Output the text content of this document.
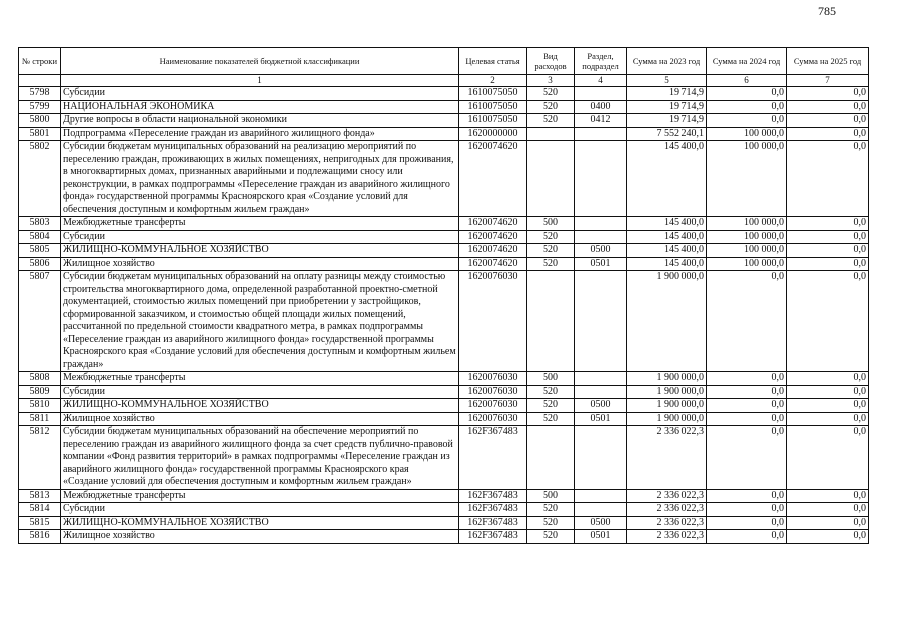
785
№ строки	Наименование показателей бюджетной классификации	Целевая статья	Вид расходов	Раздел, подраздел	Сумма на 2023 год	Сумма на 2024 год	Сумма на 2025 год
	1	2	3	4	5	6	7
5798	Субсидии	1610075050	520		19 714,9	0,0	0,0
5799	НАЦИОНАЛЬНАЯ ЭКОНОМИКА	1610075050	520	0400	19 714,9	0,0	0,0
5800	Другие вопросы в области национальной экономики	1610075050	520	0412	19 714,9	0,0	0,0
5801	Подпрограмма «Переселение граждан из аварийного жилищного фонда»	1620000000			7 552 240,1	100 000,0	0,0
5802	Субсидии бюджетам муниципальных образований на реализацию мероприятий по переселению граждан, проживающих в жилых помещениях, непригодных для проживания, в многоквартирных домах, признанных аварийными и подлежащими сносу или реконструкции, в рамках подпрограммы «Переселение граждан из аварийного жилищного фонда» государственной программы Красноярского края «Создание условий для обеспечения доступным и комфортным жильем граждан»	1620074620			145 400,0	100 000,0	0,0
5803	Межбюджетные трансферты	1620074620	500		145 400,0	100 000,0	0,0
5804	Субсидии	1620074620	520		145 400,0	100 000,0	0,0
5805	ЖИЛИЩНО-КОММУНАЛЬНОЕ ХОЗЯЙСТВО	1620074620	520	0500	145 400,0	100 000,0	0,0
5806	Жилищное хозяйство	1620074620	520	0501	145 400,0	100 000,0	0,0
5807	Субсидии бюджетам муниципальных образований на оплату разницы между стоимостью строительства многоквартирного дома, определенной разработанной проектно-сметной документацией, стоимостью жилых помещений при приобретении у застройщиков, сформированной заказчиком, и стоимостью общей площади жилых помещений, рассчитанной по предельной стоимости квадратного метра, в рамках подпрограммы «Переселение граждан из аварийного жилищного фонда» государственной программы Красноярского края «Создание условий для обеспечения доступным и комфортным жильем граждан»	1620076030			1 900 000,0	0,0	0,0
5808	Межбюджетные трансферты	1620076030	500		1 900 000,0	0,0	0,0
5809	Субсидии	1620076030	520		1 900 000,0	0,0	0,0
5810	ЖИЛИЩНО-КОММУНАЛЬНОЕ ХОЗЯЙСТВО	1620076030	520	0500	1 900 000,0	0,0	0,0
5811	Жилищное хозяйство	1620076030	520	0501	1 900 000,0	0,0	0,0
5812	Субсидии бюджетам муниципальных образований на обеспечение мероприятий по переселению граждан из аварийного жилищного фонда за счет средств публично-правовой компании «Фонд развития территорий» в рамках подпрограммы «Переселение граждан из аварийного жилищного фонда» государственной программы Красноярского края «Создание условий для обеспечения доступным и комфортным жильем граждан»	162F367483			2 336 022,3	0,0	0,0
5813	Межбюджетные трансферты	162F367483	500		2 336 022,3	0,0	0,0
5814	Субсидии	162F367483	520		2 336 022,3	0,0	0,0
5815	ЖИЛИЩНО-КОММУНАЛЬНОЕ ХОЗЯЙСТВО	162F367483	520	0500	2 336 022,3	0,0	0,0
5816	Жилищное хозяйство	162F367483	520	0501	2 336 022,3	0,0	0,0
